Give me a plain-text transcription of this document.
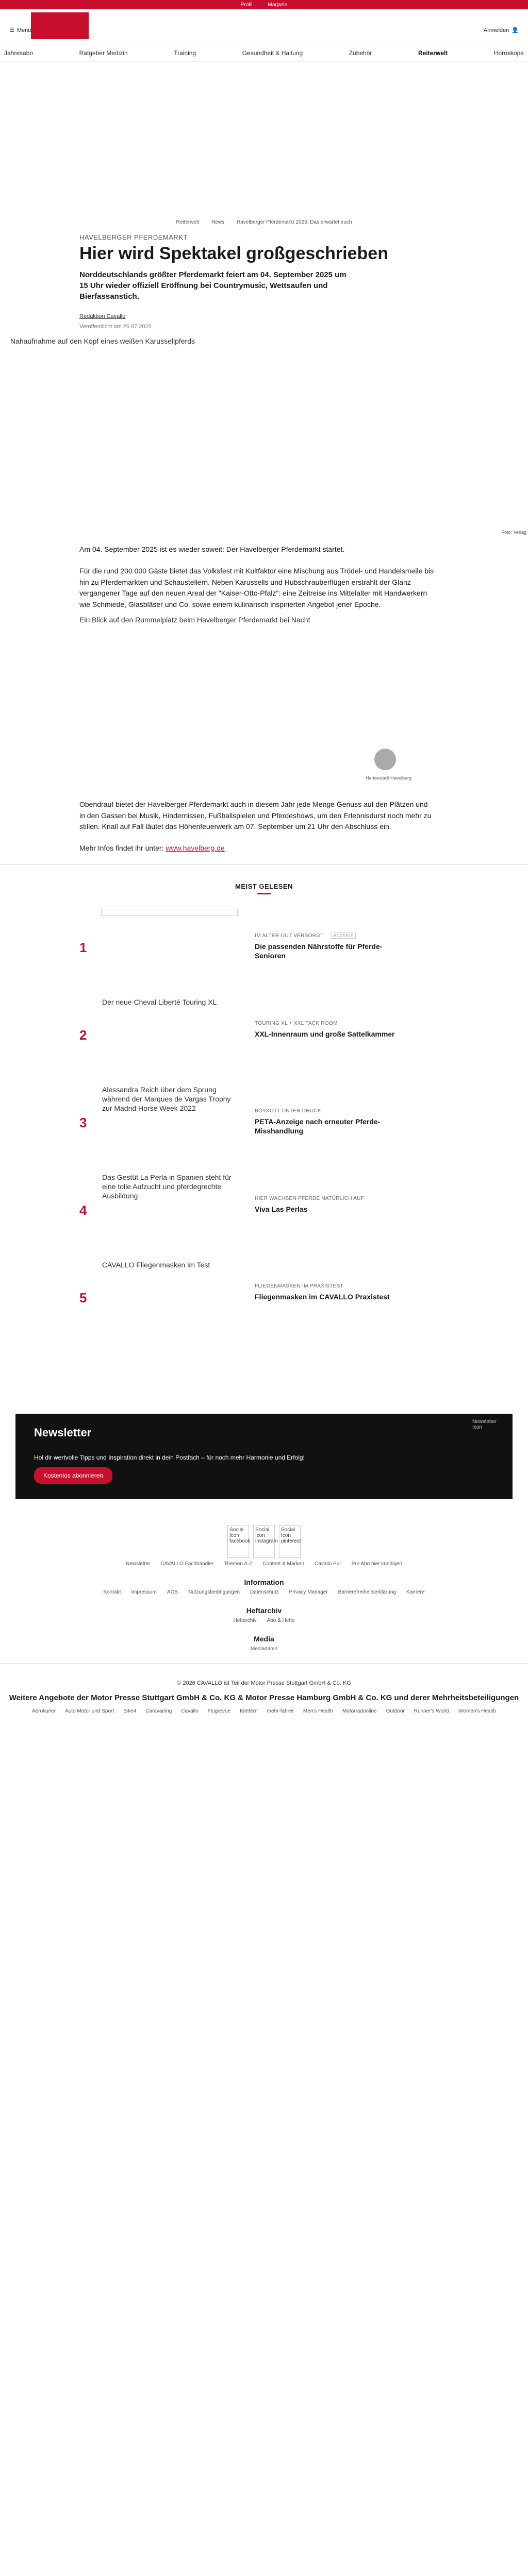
Profil	Magazin
☰ Menü	Anmelden 👤
Jahresabo	Ratgeber Medizin	Training	Gesundheit & Haltung	Zubehör	Reiterwelt	Horoskope
Reiterwelt News Havelberger Pferdemarkt 2025: Das erwartet euch
HAVELBERGER PFERDEMARKT
Hier wird Spektakel großgeschrieben
Norddeutschlands größter Pferdemarkt feiert am 04. September 2025 um 15 Uhr wieder offiziell Eröffnung bei Countrymusic, Wettsaufen und Bierfassanstich.
Redaktion Cavallo
Veröffentlicht am 26.07.2025
Nahaufnahme auf den Kopf eines weißen Karussellpferds
Foto: Verlag

Am 04. September 2025 ist es wieder soweit: Der Havelberger Pferdemarkt startet.

Für die rund 200 000 Gäste bietet das Volksfest mit Kultfaktor eine Mischung aus Trödel- und Handelsmeile bis hin zu Pferdemarkten und Schaustellern. Neben Karussells und Hubschrauberflügen erstrahlt der Glanz vergangener Tage auf den neuen Areal der "Kaiser-Otto-Pfalz": eine Zeitreise ins Mittelalter mit Handwerkern wie Schmiede, Glasbläser und Co. sowie einem kulinarisch inspirierten Angebot jener Epoche.

Ein Blick auf den Rummelplatz beim Havelberger Pferdemarkt bei Nacht
Hansestadt Havelberg

Obendrauf bietet der Havelberger Pferdemarkt auch in diesem Jahr jede Menge Genuss auf den Plätzen und in den Gassen bei Musik, Hindernissen, Fußballspielen und Pferdeshows, um den Erlebnisdurst noch mehr zu stillen. Knall auf Fall läutet das Höhenfeuerwerk am 07. September um 21 Uhr den Abschluss ein.

Mehr Infos findet ihr unter: www.havelberg.de

MEIST GELESEN
1
IM ALTER GUT VERSORGT ANZEIGE
Die passenden Nährstoffe für Pferde-Senioren
2
Der neue Cheval Liberté Touring XL
TOURING XL + XXL TACK ROOM
XXL-Innenraum und große Sattelkammer
3
Alessandra Reich über dem Sprung während der Marques de Vargas Trophy zur Madrid Horse Week 2022	BOYKOTT UNTER DRUCK
PETA-Anzeige nach erneuter Pferde-Misshandlung
4
Das Gestüt La Perla in Spanien steht für eine tolle Aufzucht und pferdegrechte Ausbildung.	HIER WACHSEN PFERDE NATÜRLICH AUF
Viva Las Perlas
5
CAVALLO Fliegenmasken im Test
FLIEGENMASKEN IM PRAXISTEST
Fliegenmasken im CAVALLO Praxistest
Newsletter
Hol dir wertvolle Tipps und Inspiration direkt in dein Postfach – für noch mehr Harmonie und Erfolg!
Kostenlos abonnieren
Newsletter Icon
Social Icon facebook
Social Icon instagram
Social Icon pinterest
Newsletter CAVALLO Fachhändler Themen A-Z Content & Marken Cavallo Pur Pur Abo hier kündigen
Information
Kontakt Impressum AGB Nutzungsbedingungen Datenschutz Privacy Manager Barrierefreiheitserklärung Karriere
Heftarchiv
Heftarchiv Abo & Hefte
Media
Mediadaten
© 2026 CAVALLO ist Teil der Motor Presse Stuttgart GmbH & Co. KG
Weitere Angebote der Motor Presse Stuttgart GmbH & Co. KG & Motor Presse Hamburg GmbH & Co. KG und derer Mehrheitsbeteiligungen
Aerokurier Auto Motor und Sport Bike4 Caravaning Cavallo Flugrevue Klettern mehr-fahrer Men's Health Motorradonline Outdoor Runner's World Women's Health
